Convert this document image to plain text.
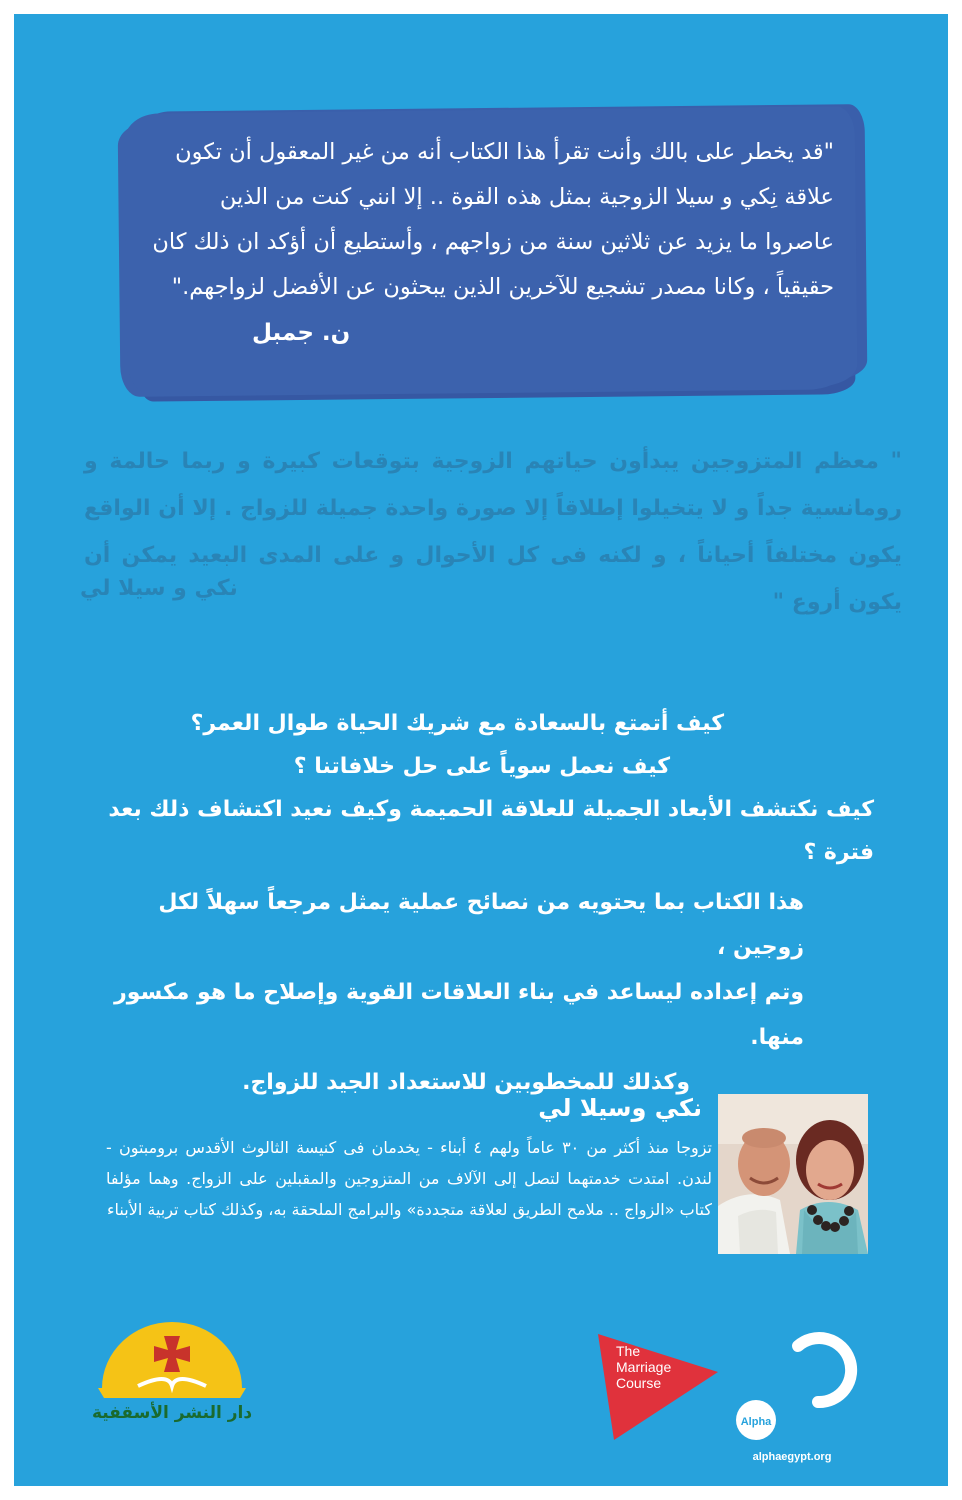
"قد يخطر على بالك وأنت تقرأ هذا الكتاب أنه من غير المعقول أن تكون علاقة نِكي و سيلا الزوجية بمثل هذه القوة .. إلا انني كنت من الذين عاصروا ما يزيد عن ثلاثين سنة من زواجهم ، وأستطيع أن أؤكد ان ذلك كان حقيقياً ، وكانا مصدر تشجيع للآخرين الذين يبحثون عن الأفضل لزواجهم."

ن. جمبل

" معظم المتزوجين يبدأون حياتهم الزوجية بتوقعات كبيرة و ربما حالمة و رومانسية جداً و لا يتخيلوا إطلاقاً إلا صورة واحدة جميلة للزواج . إلا أن الواقع يكون مختلفاً أحياناً ، و لكنه فى كل الأحوال و على المدى البعيد يمكن أن يكون أروع "

نكي و سيلا لي

كيف أتمتع بالسعادة مع شريك الحياة طوال العمر؟
كيف نعمل سوياً على حل خلافاتنا ؟
كيف نكتشف الأبعاد الجميلة للعلاقة الحميمة وكيف نعيد اكتشاف ذلك بعد فترة ؟

هذا الكتاب بما يحتويه من نصائح عملية يمثل مرجعاً سهلاً لكل زوجين ،
وتم إعداده ليساعد في بناء العلاقات القوية وإصلاح ما هو مكسور منها.
وكذلك للمخطوبين للاستعداد الجيد للزواج.

نكي وسيلا لي

تزوجا منذ أكثر من ٣٠ عاماً ولهم ٤ أبناء - يخدمان فى كنيسة الثالوث الأقدس برومبتون - لندن. امتدت خدمتهما لتصل إلى الآلاف من المتزوجين والمقبلين على الزواج. وهما مؤلفا كتاب «الزواج .. ملامح الطريق لعلاقة متجددة» والبرامج الملحقة به، وكذلك كتاب تربية الأبناء

دار النشر الأسقفية
The
Marriage
Course
Alpha
alphaegypt.org
